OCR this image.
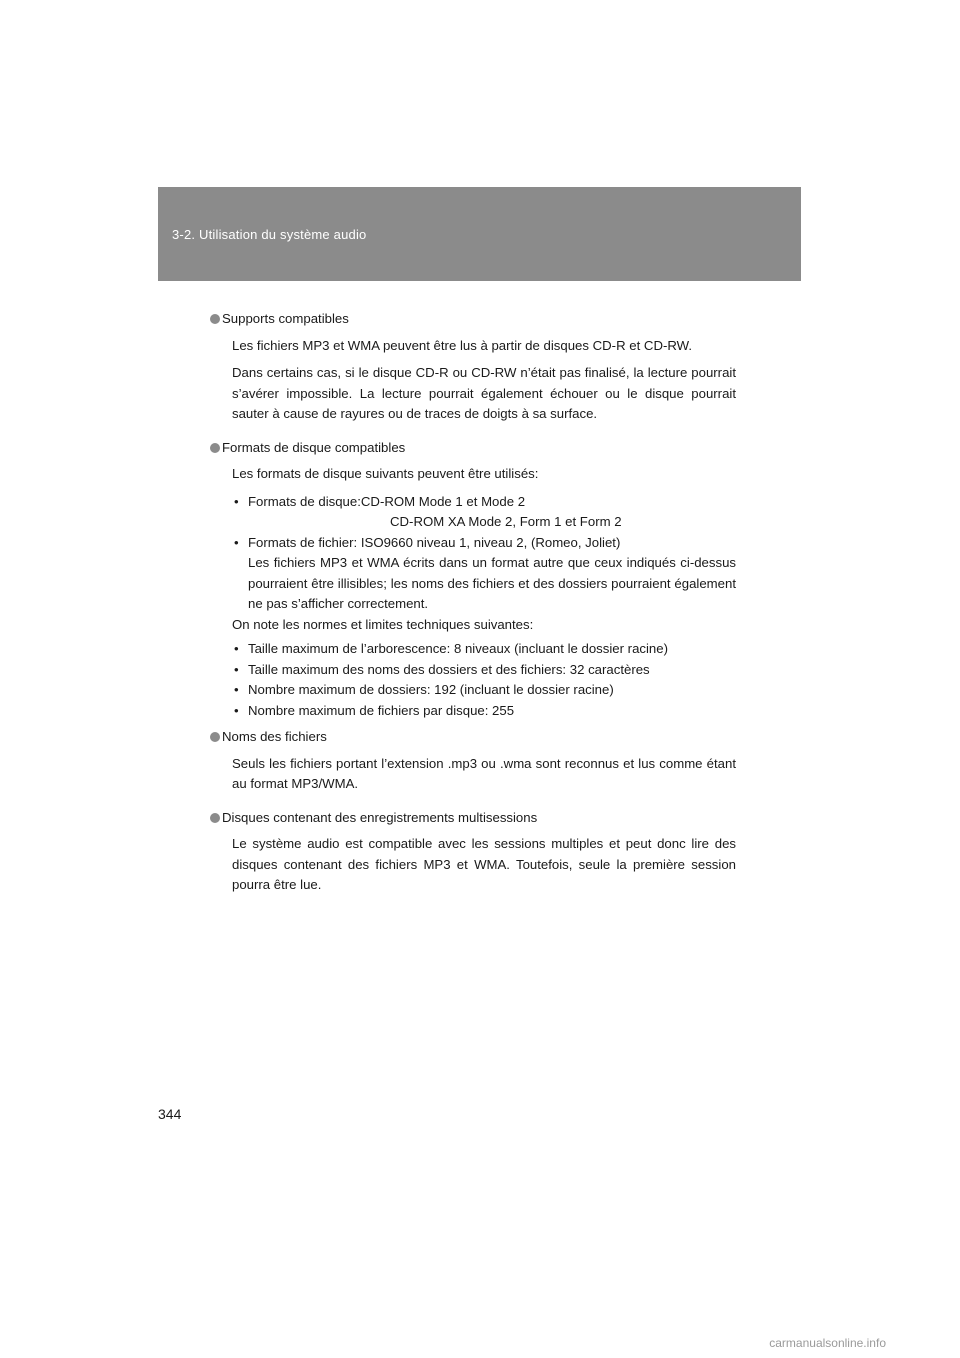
3-2. Utilisation du système audio
Supports compatibles

Les fichiers MP3 et WMA peuvent être lus à partir de disques CD-R et CD-RW.

Dans certains cas, si le disque CD-R ou CD-RW n’était pas finalisé, la lecture pourrait s’avérer impossible. La lecture pourrait également échouer ou le disque pourrait sauter à cause de rayures ou de traces de doigts à sa surface.

Formats de disque compatibles

Les formats de disque suivants peuvent être utilisés:

• Formats de disque:CD-ROM Mode 1 et Mode 2
CD-ROM XA Mode 2, Form 1 et Form 2
• Formats de fichier: ISO9660 niveau 1, niveau 2, (Romeo, Joliet)
Les fichiers MP3 et WMA écrits dans un format autre que ceux indiqués ci-dessus pourraient être illisibles; les noms des fichiers et des dossiers pourraient également ne pas s’afficher correctement.

On note les normes et limites techniques suivantes:

• Taille maximum de l’arborescence: 8 niveaux (incluant le dossier racine)
• Taille maximum des noms des dossiers et des fichiers: 32 caractères
• Nombre maximum de dossiers: 192 (incluant le dossier racine)
• Nombre maximum de fichiers par disque: 255
Noms des fichiers

Seuls les fichiers portant l’extension .mp3 ou .wma sont reconnus et lus comme étant au format MP3/WMA.

Disques contenant des enregistrements multisessions

Le système audio est compatible avec les sessions multiples et peut donc lire des disques contenant des fichiers MP3 et WMA. Toutefois, seule la première session pourra être lue.

344
carmanualsonline.info
